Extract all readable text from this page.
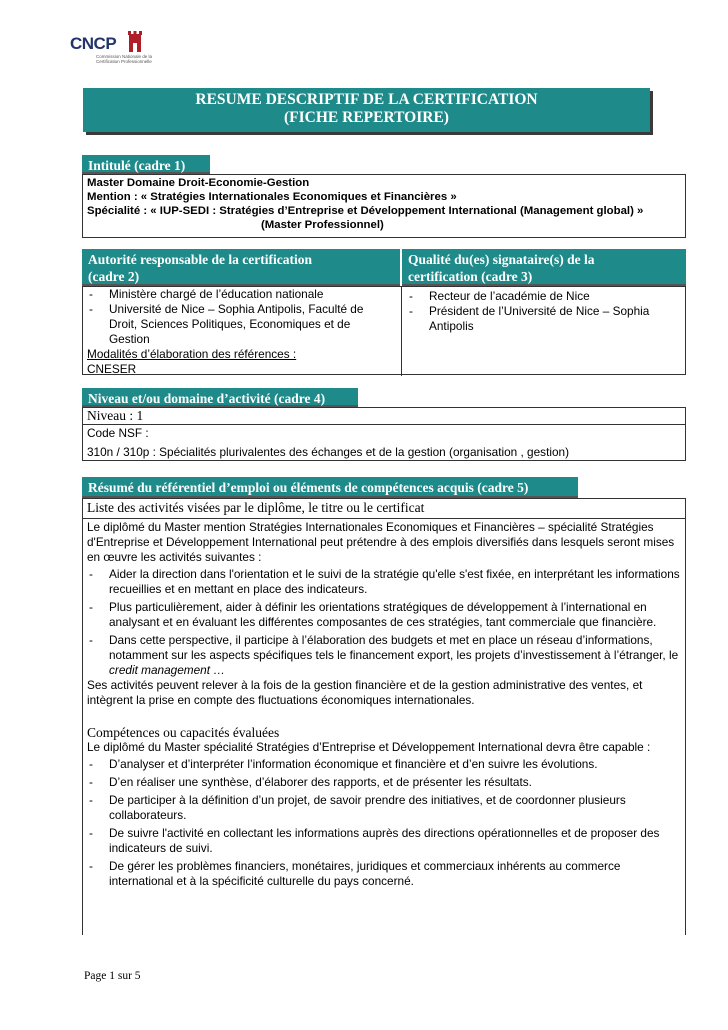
CNCP
Commission Nationale de la
Certification Professionnelle
RESUME DESCRIPTIF DE LA CERTIFICATION
(FICHE REPERTOIRE)
Intitulé (cadre 1)
Master Domaine Droit-Economie-Gestion
Mention : « Stratégies Internationales Economiques et Financières »
Spécialité : « IUP-SEDI : Stratégies d’Entreprise et Développement International (Management global) »
(Master Professionnel)
Autorité responsable de la certification
(cadre 2)
Qualité du(es) signataire(s) de la
certification (cadre 3)
- Ministère chargé de l’éducation nationale
- Université de Nice – Sophia Antipolis, Faculté de Droit, Sciences Politiques, Economiques et de Gestion
Modalités d’élaboration des références :
CNESER
- Recteur de l’académie de Nice
- Président de l’Université de Nice – Sophia Antipolis
Niveau et/ou domaine d’activité (cadre 4)
Niveau : 1
Code NSF :
310n / 310p : Spécialités plurivalentes des échanges et de la gestion (organisation , gestion)
Résumé du référentiel d’emploi ou éléments de compétences acquis (cadre 5)
Liste des activités visées par le diplôme, le titre ou le certificat
Le diplômé du Master mention Stratégies Internationales Economiques et Financières – spécialité Stratégies d'Entreprise et Développement International peut prétendre à des emplois diversifiés dans lesquels seront mises en œuvre les activités suivantes :
- Aider la direction dans l'orientation et le suivi de la stratégie qu'elle s'est fixée, en interprétant les informations recueillies et en mettant en place des indicateurs.
- Plus particulièrement, aider à définir les orientations stratégiques de développement à l’international en analysant et en évaluant les différentes composantes de ces stratégies, tant commerciale que financière.
- Dans cette perspective, il participe à l’élaboration des budgets et met en place un réseau d’informations, notamment sur les aspects spécifiques tels le financement export, les projets d’investissement à l’étranger, le credit management …
Ses activités peuvent relever à la fois de la gestion financière et de la gestion administrative des ventes, et intègrent la prise en compte des fluctuations économiques internationales.
Compétences ou capacités évaluées
Le diplômé du Master spécialité Stratégies d’Entreprise et Développement International devra être capable :
- D’analyser et d’interpréter l’information économique et financière et d’en suivre les évolutions.
- D’en réaliser une synthèse, d’élaborer des rapports, et de présenter les résultats.
- De participer à la définition d’un projet, de savoir prendre des initiatives, et de coordonner plusieurs collaborateurs.
- De suivre l'activité en collectant les informations auprès des directions opérationnelles et de proposer des indicateurs de suivi.
- De gérer les problèmes financiers, monétaires, juridiques et commerciaux inhérents au commerce international et à la spécificité culturelle du pays concerné.
Page 1 sur 5
